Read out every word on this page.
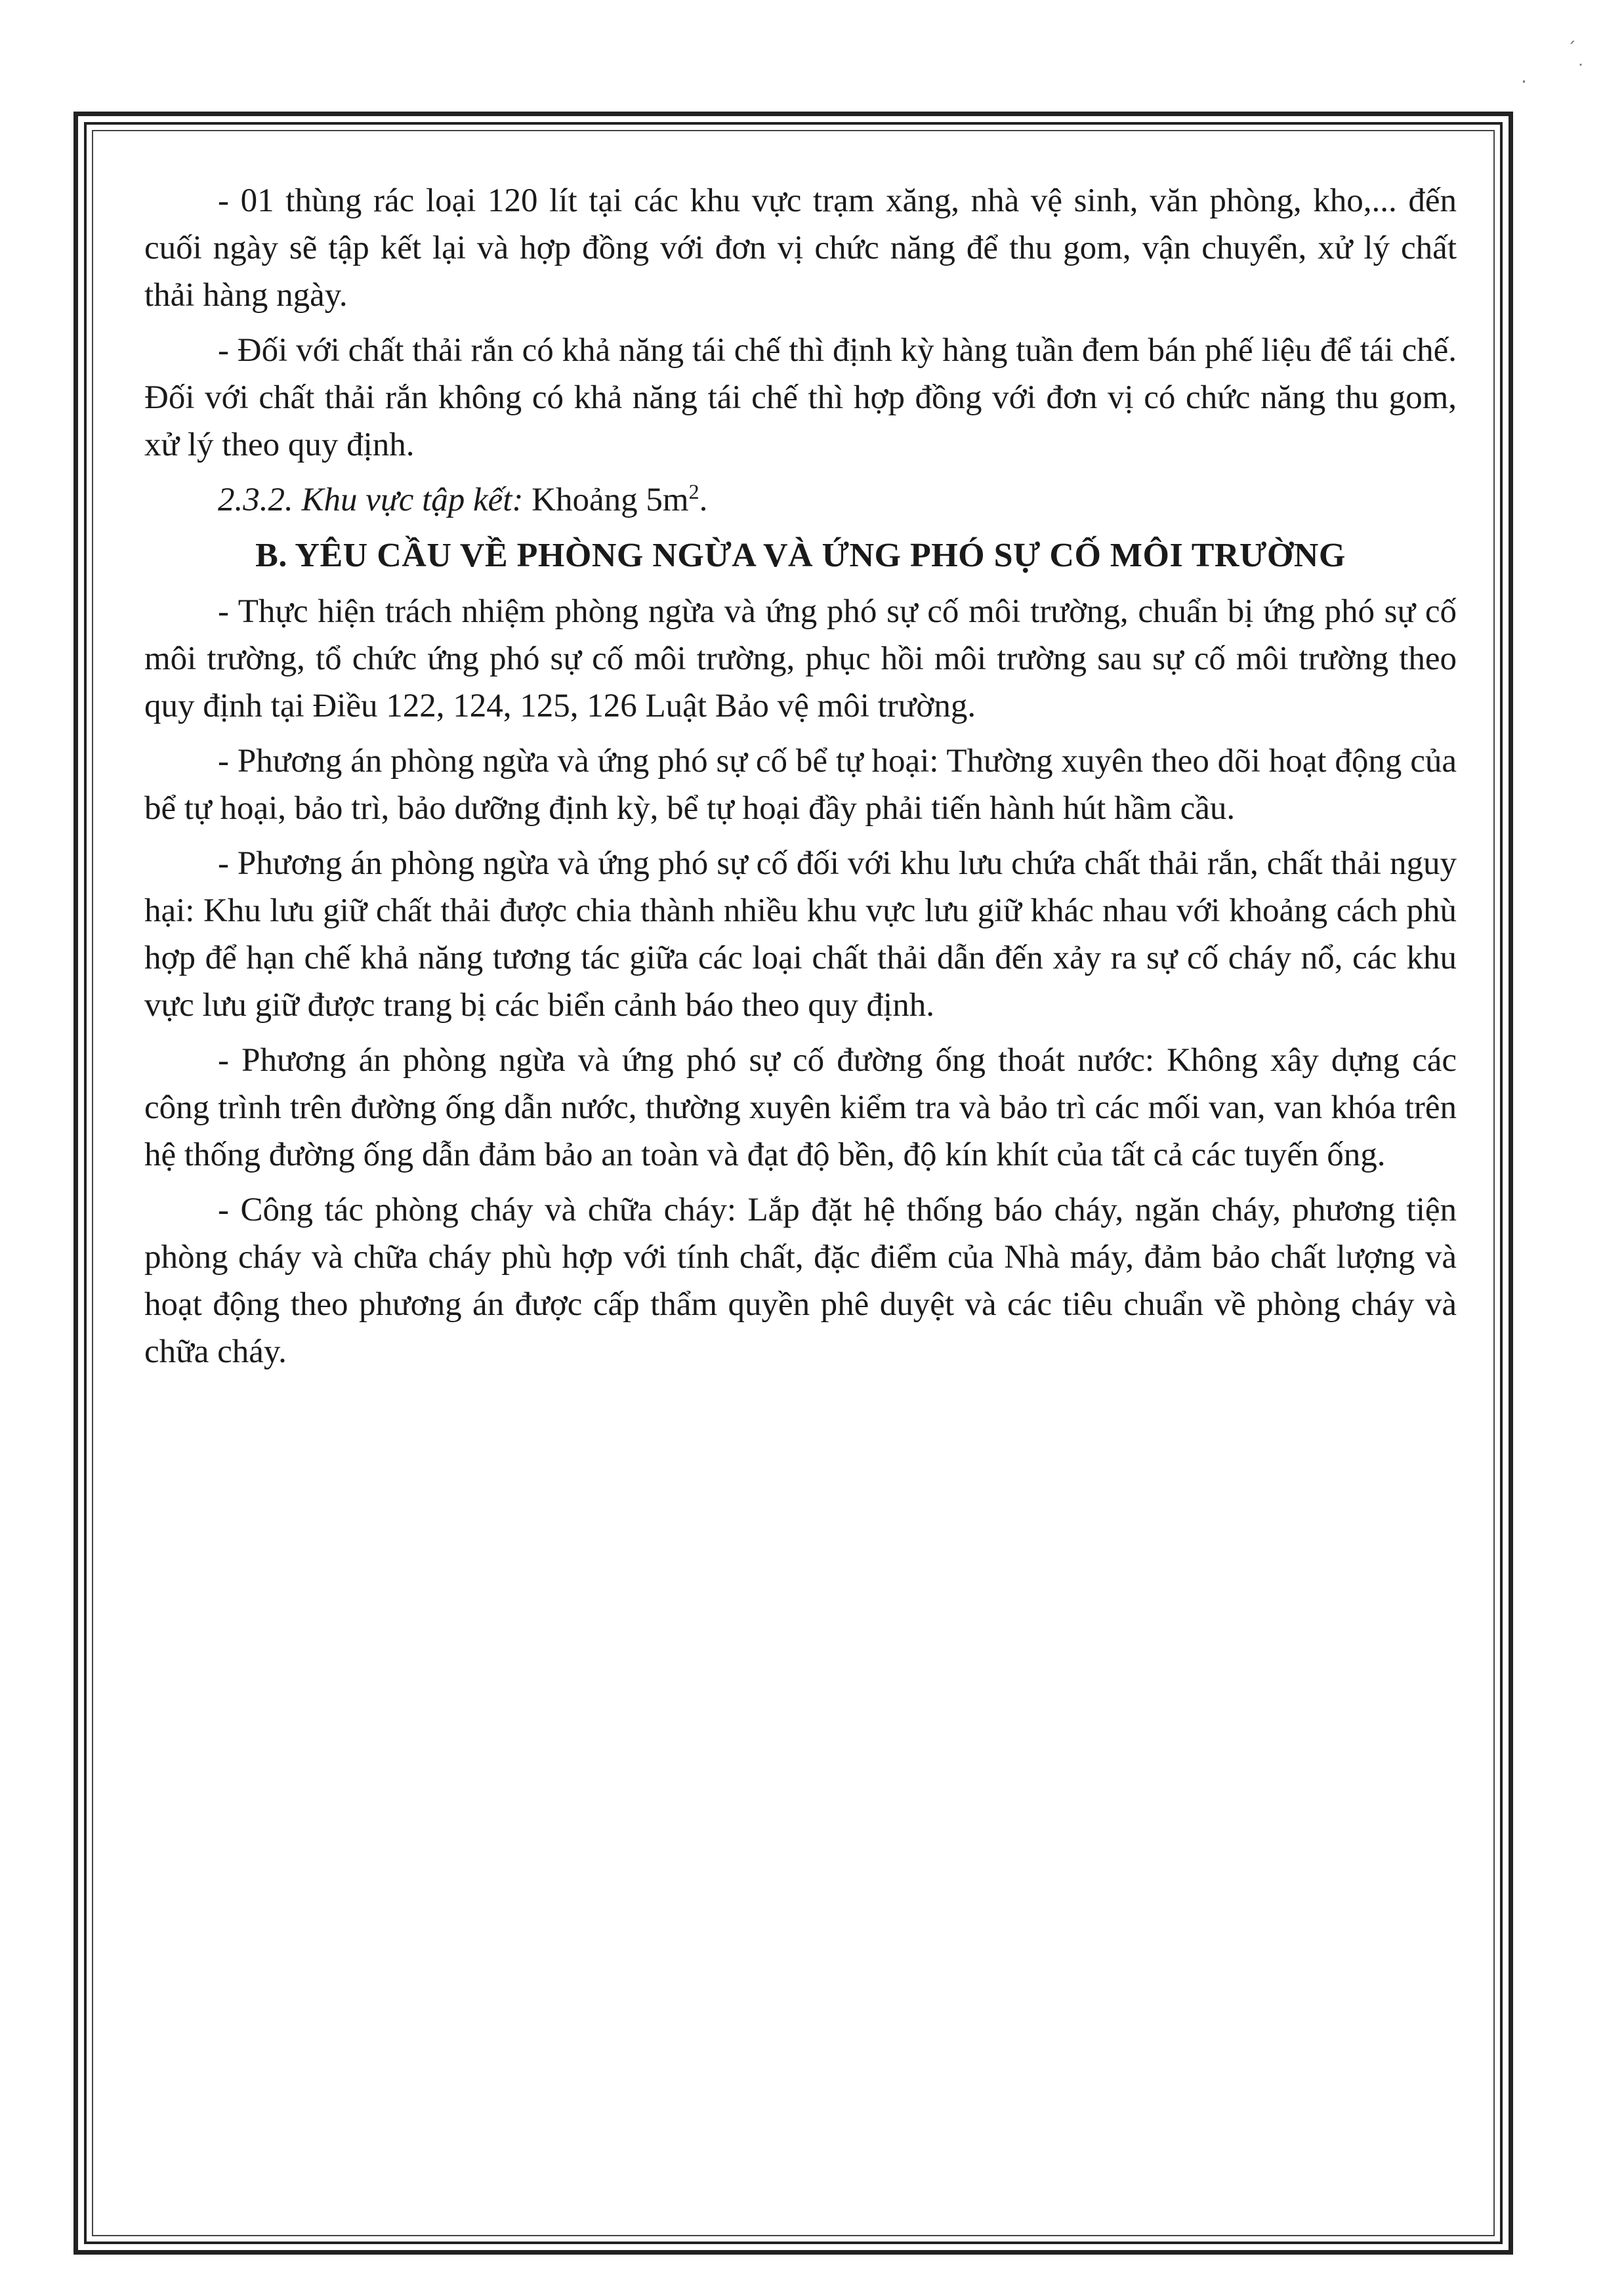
ˊ
·	˙

- 01 thùng rác loại 120 lít tại các khu vực trạm xăng, nhà vệ sinh, văn phòng, kho,... đến cuối ngày sẽ tập kết lại và hợp đồng với đơn vị chức năng để thu gom, vận chuyển, xử lý chất thải hàng ngày.

- Đối với chất thải rắn có khả năng tái chế thì định kỳ hàng tuần đem bán phế liệu để tái chế. Đối với chất thải rắn không có khả năng tái chế thì hợp đồng với đơn vị có chức năng thu gom, xử lý theo quy định.

2.3.2. Khu vực tập kết: Khoảng $5m^2$.

B. YÊU CẦU VỀ PHÒNG NGỪA VÀ ỨNG PHÓ SỰ CỐ MÔI TRƯỜNG

- Thực hiện trách nhiệm phòng ngừa và ứng phó sự cố môi trường, chuẩn bị ứng phó sự cố môi trường, tổ chức ứng phó sự cố môi trường, phục hồi môi trường sau sự cố môi trường theo quy định tại Điều 122, 124, 125, 126 Luật Bảo vệ môi trường.

- Phương án phòng ngừa và ứng phó sự cố bể tự hoại: Thường xuyên theo dõi hoạt động của bể tự hoại, bảo trì, bảo dưỡng định kỳ, bể tự hoại đầy phải tiến hành hút hầm cầu.

- Phương án phòng ngừa và ứng phó sự cố đối với khu lưu chứa chất thải rắn, chất thải nguy hại: Khu lưu giữ chất thải được chia thành nhiều khu vực lưu giữ khác nhau với khoảng cách phù hợp để hạn chế khả năng tương tác giữa các loại chất thải dẫn đến xảy ra sự cố cháy nổ, các khu vực lưu giữ được trang bị các biển cảnh báo theo quy định.

- Phương án phòng ngừa và ứng phó sự cố đường ống thoát nước: Không xây dựng các công trình trên đường ống dẫn nước, thường xuyên kiểm tra và bảo trì các mối van, van khóa trên hệ thống đường ống dẫn đảm bảo an toàn và đạt độ bền, độ kín khít của tất cả các tuyến ống.

- Công tác phòng cháy và chữa cháy: Lắp đặt hệ thống báo cháy, ngăn cháy, phương tiện phòng cháy và chữa cháy phù hợp với tính chất, đặc điểm của Nhà máy, đảm bảo chất lượng và hoạt động theo phương án được cấp thẩm quyền phê duyệt và các tiêu chuẩn về phòng cháy và chữa cháy.
